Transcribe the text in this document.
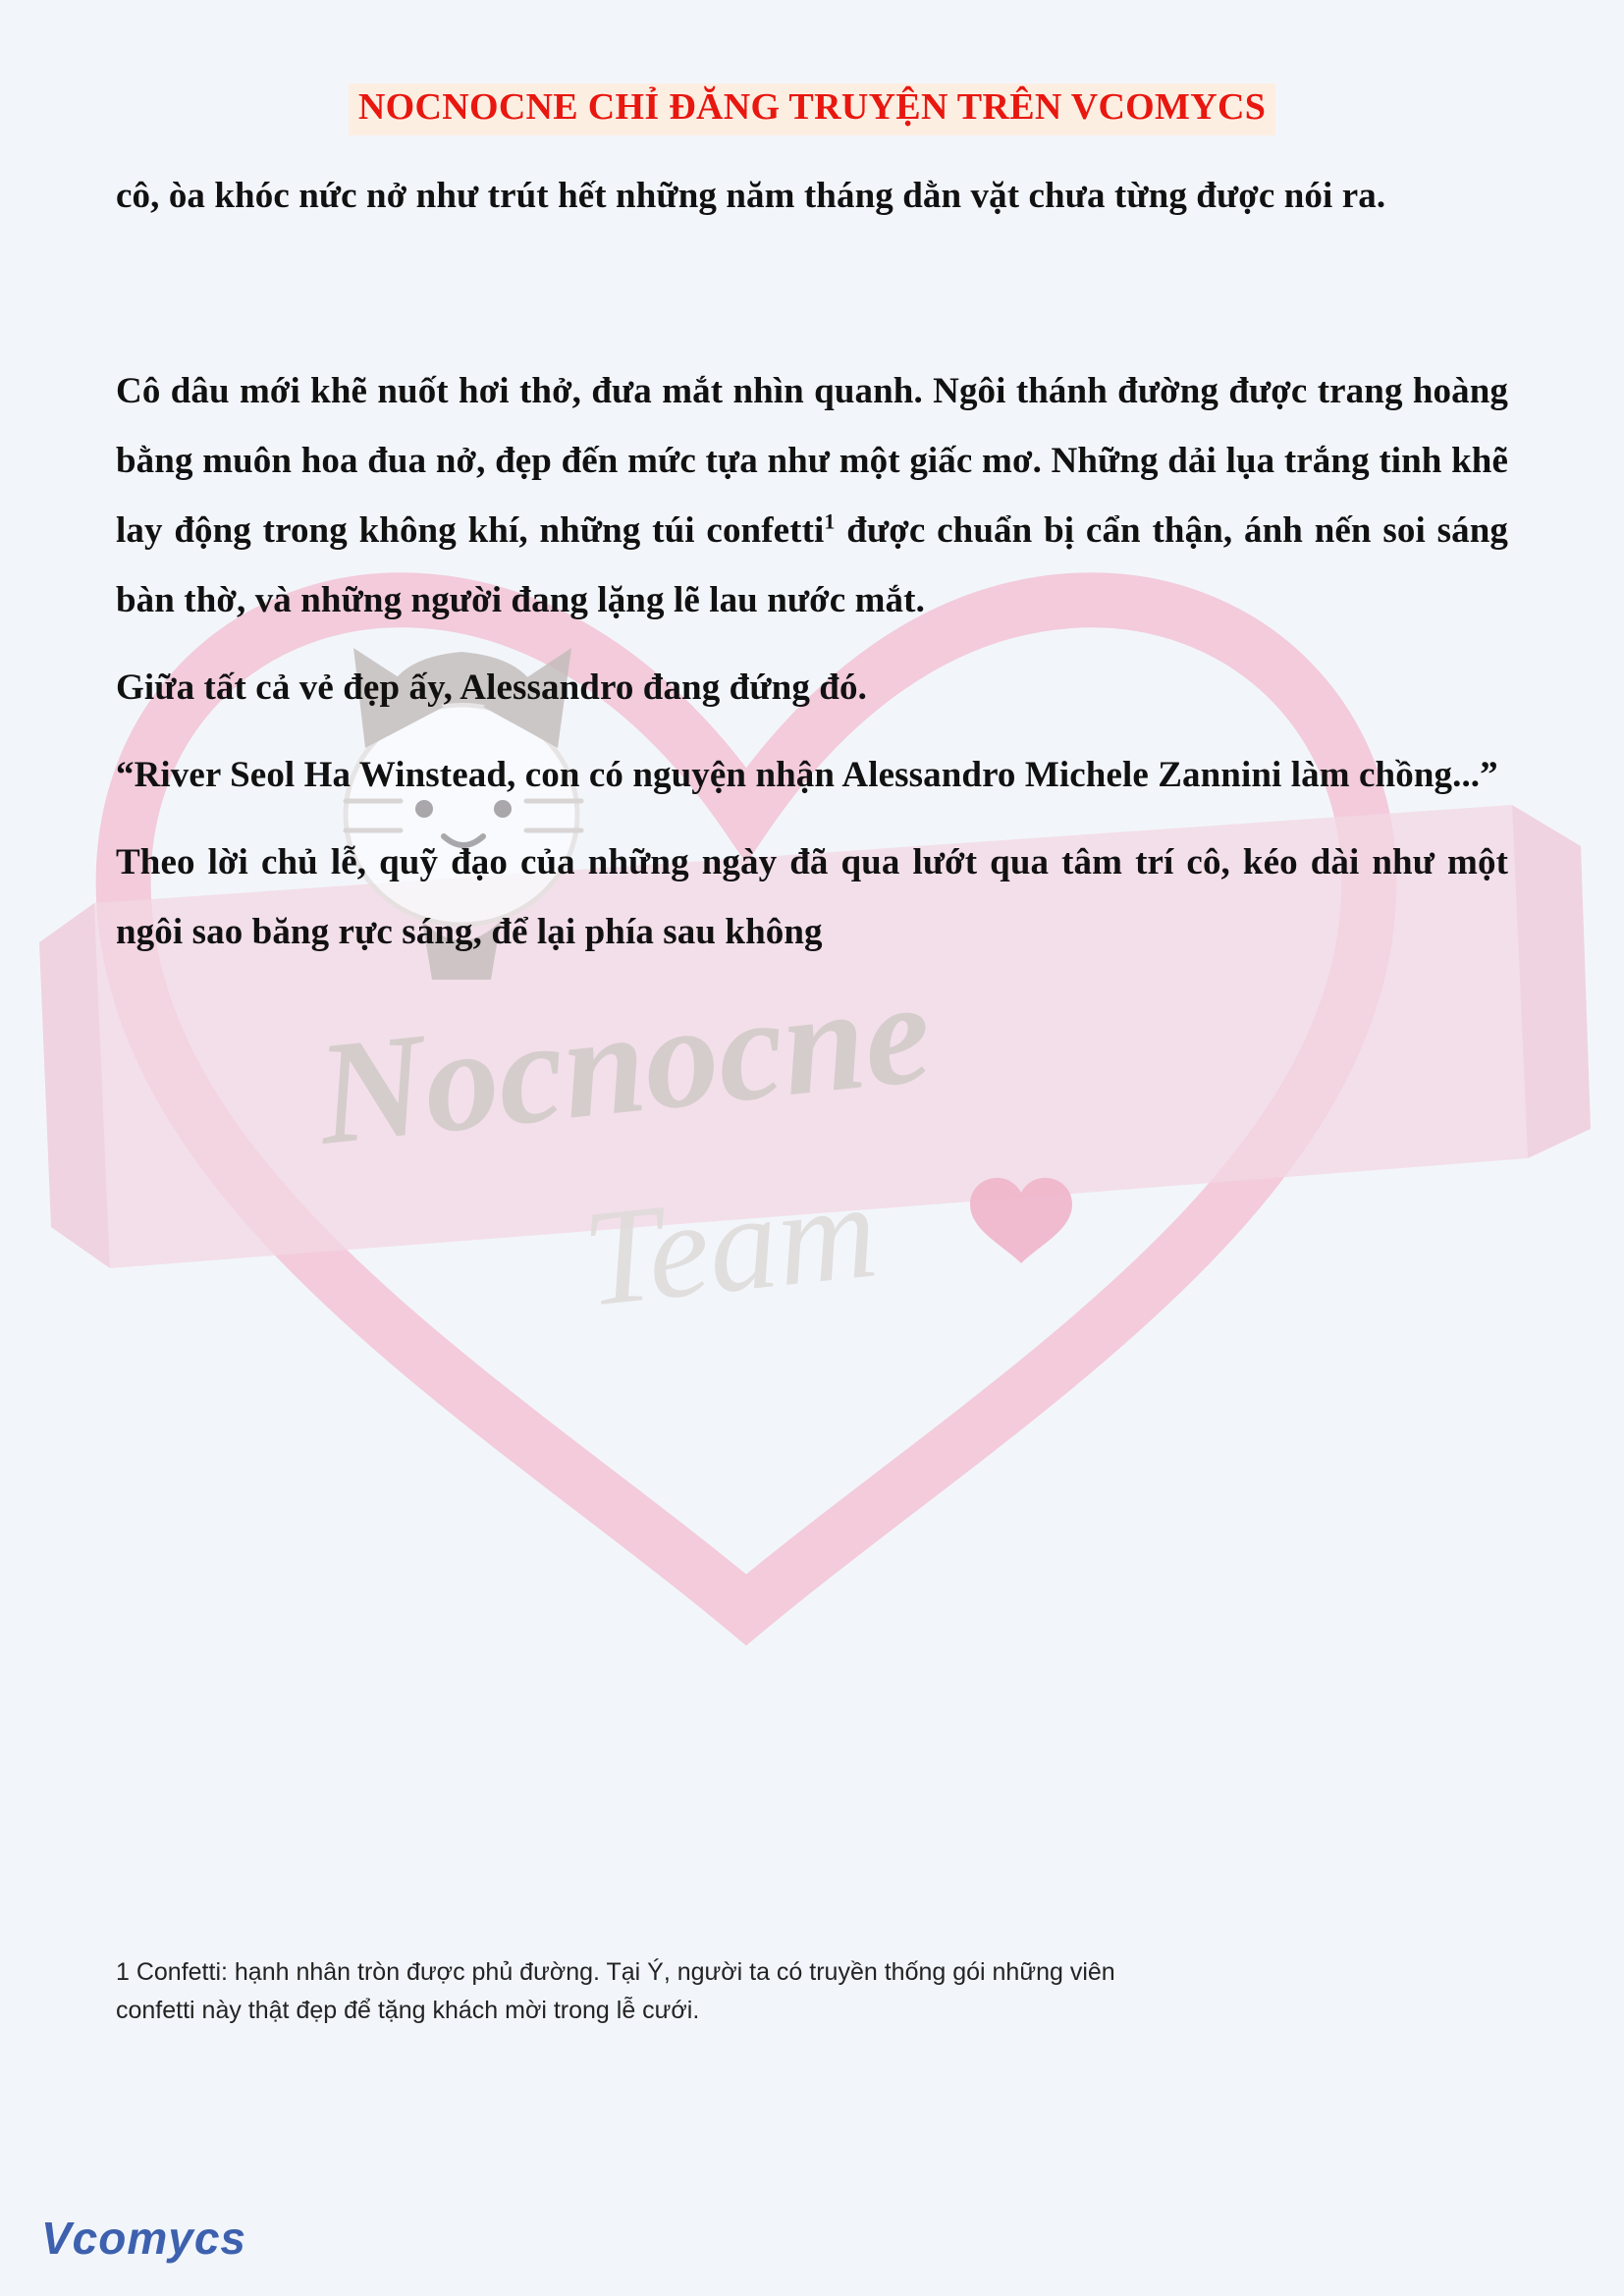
Nocnocne
Team
NOCNOCNE CHỈ ĐĂNG TRUYỆN TRÊN VCOMYCS

cô, òa khóc nức nở như trút hết những năm tháng dằn vặt chưa từng được nói ra.

Cô dâu mới khẽ nuốt hơi thở, đưa mắt nhìn quanh. Ngôi thánh đường được trang hoàng bằng muôn hoa đua nở, đẹp đến mức tựa như một giấc mơ. Những dải lụa trắng tinh khẽ lay động trong không khí, những túi confetti$^1$ được chuẩn bị cẩn thận, ánh nến soi sáng bàn thờ, và những người đang lặng lẽ lau nước mắt.

Giữa tất cả vẻ đẹp ấy, Alessandro đang đứng đó.

“River Seol Ha Winstead, con có nguyện nhận Alessandro Michele Zannini làm chồng...”

Theo lời chủ lễ, quỹ đạo của những ngày đã qua lướt qua tâm trí cô, kéo dài như một ngôi sao băng rực sáng, để lại phía sau không

1 Confetti: hạnh nhân tròn được phủ đường. Tại Ý, người ta có truyền thống gói những viên

confetti này thật đẹp để tặng khách mời trong lễ cưới.

Vcomycs
